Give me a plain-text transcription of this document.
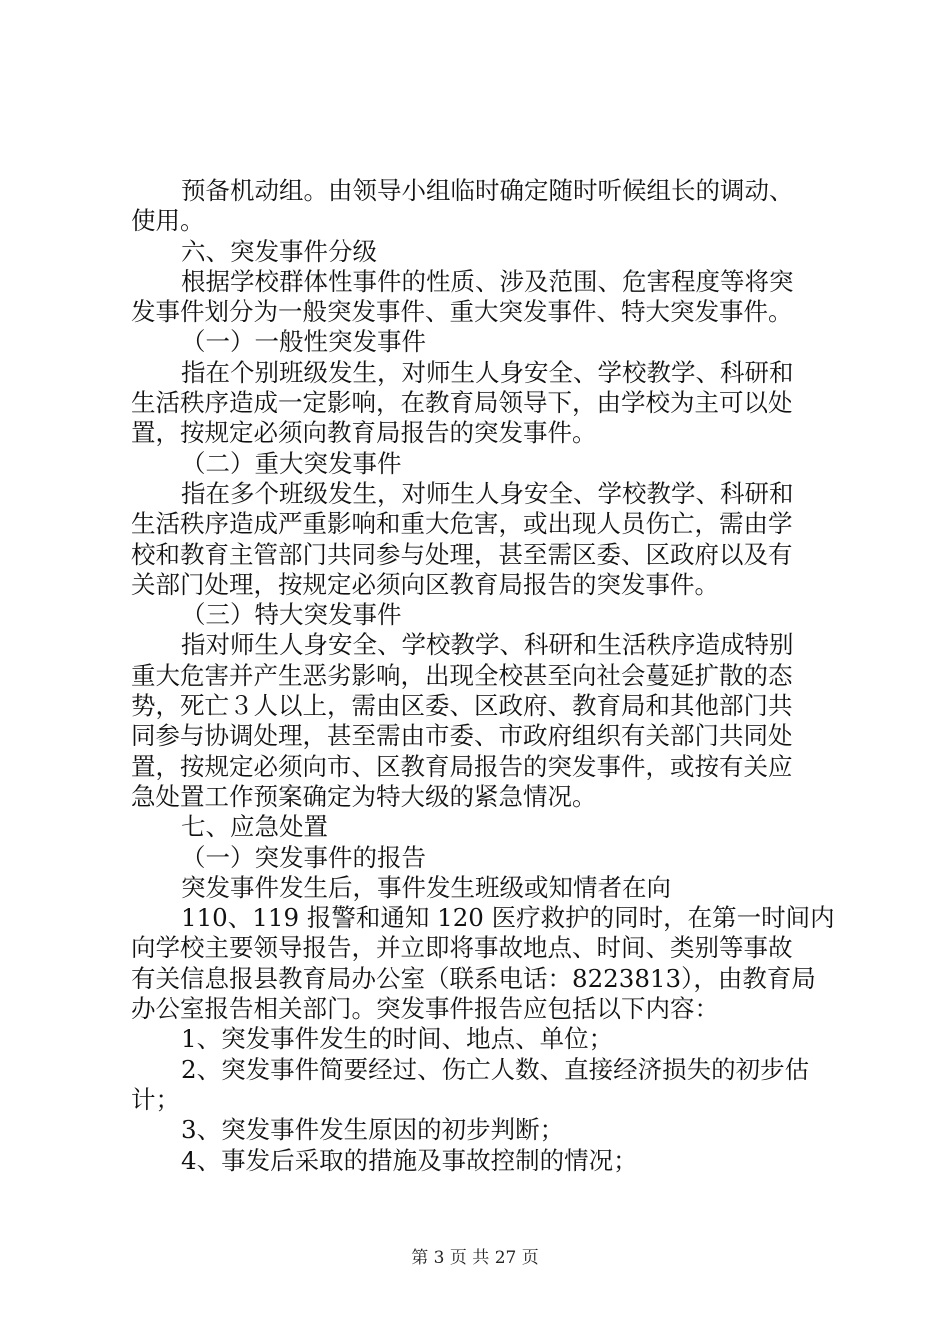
预备机动组。由领导小组临时确定随时听候组长的调动、
使用。
六、突发事件分级
根据学校群体性事件的性质、涉及范围、危害程度等将突
发事件划分为一般突发事件、重大突发事件、特大突发事件。
（一）一般性突发事件
指在个别班级发生，对师生人身安全、学校教学、科研和
生活秩序造成一定影响，在教育局领导下，由学校为主可以处
置，按规定必须向教育局报告的突发事件。
（二）重大突发事件
指在多个班级发生，对师生人身安全、学校教学、科研和
生活秩序造成严重影响和重大危害，或出现人员伤亡，需由学
校和教育主管部门共同参与处理，甚至需区委、区政府以及有
关部门处理，按规定必须向区教育局报告的突发事件。
（三）特大突发事件
指对师生人身安全、学校教学、科研和生活秩序造成特别
重大危害并产生恶劣影响，出现全校甚至向社会蔓延扩散的态
势，死亡３人以上，需由区委、区政府、教育局和其他部门共
同参与协调处理，甚至需由市委、市政府组织有关部门共同处
置，按规定必须向市、区教育局报告的突发事件，或按有关应
急处置工作预案确定为特大级的紧急情况。
七、应急处置
（一）突发事件的报告
突发事件发生后，事件发生班级或知情者在向
110、119 报警和通知 120 医疗救护的同时，在第一时间内
向学校主要领导报告，并立即将事故地点、时间、类别等事故
有关信息报县教育局办公室（联系电话：8223813），由教育局
办公室报告相关部门。突发事件报告应包括以下内容：
1、突发事件发生的时间、地点、单位；
2、突发事件简要经过、伤亡人数、直接经济损失的初步估
计；
3、突发事件发生原因的初步判断；
4、事发后采取的措施及事故控制的情况；
第 3 页 共 27 页
